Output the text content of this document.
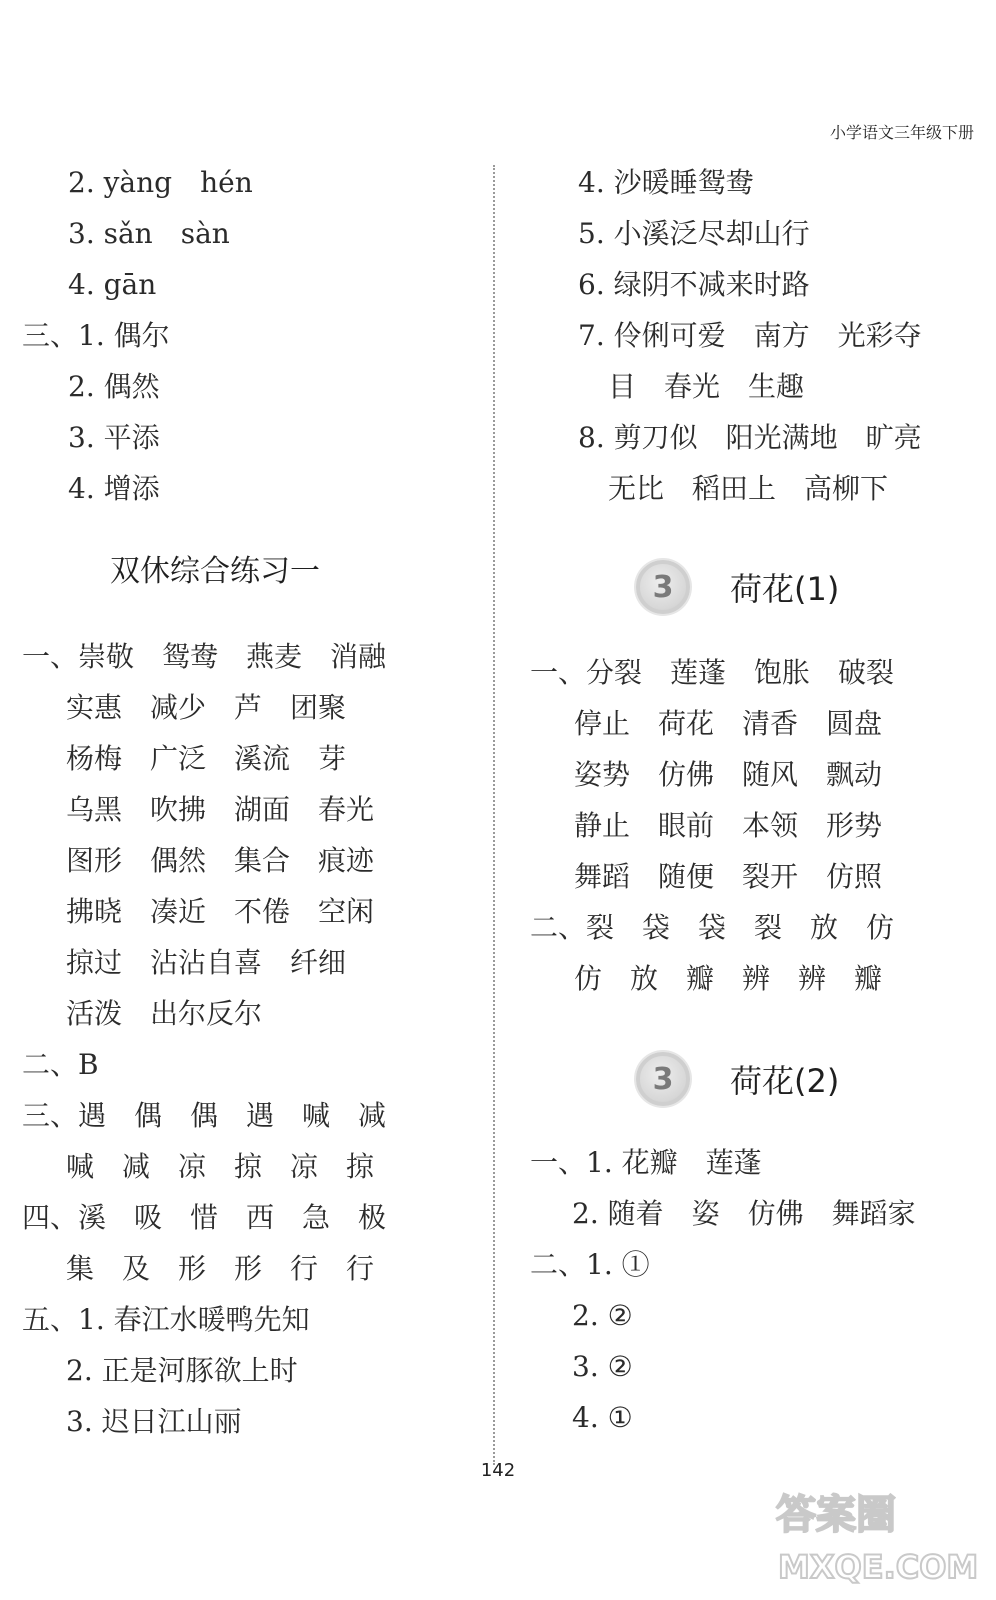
小学语文三年级下册
2. yàng　hén
3. sǎn　sàn
4. gān
三、1. 偶尔
2. 偶然
3. 平添
4. 增添
双休综合练习一
一、崇敬　鸳鸯　燕麦　消融
实惠　减少　芦　团聚
杨梅　广泛　溪流　芽
乌黑　吹拂　湖面　春光
图形　偶然　集合　痕迹
拂晓　凑近　不倦　空闲
掠过　沾沾自喜　纤细
活泼　出尔反尔
二、B
三、遇　偶　偶　遇　喊　减
喊　减　凉　掠　凉　掠
四、溪　吸　惜　西　急　极
集　及　形　形　行　行
五、1. 春江水暖鸭先知
2. 正是河豚欲上时
3. 迟日江山丽
4. 沙暖睡鸳鸯
5. 小溪泛尽却山行
6. 绿阴不减来时路
7. 伶俐可爱　南方　光彩夺
目　春光　生趣
8. 剪刀似　阳光满地　旷亮
无比　稻田上　高柳下
3	荷花(1)
一、分裂　莲蓬　饱胀　破裂
停止　荷花　清香　圆盘
姿势　仿佛　随风　飘动
静止　眼前　本领　形势
舞蹈　随便　裂开　仿照
二、裂　袋　袋　裂　放　仿
仿　放　瓣　辨　辨　瓣
3	荷花(2)
一、1. 花瓣　莲蓬
2. 随着　姿　仿佛　舞蹈家
二、1. ①
2. ②
3. ②
4. ①
142
答案圈
MXQE.COM
